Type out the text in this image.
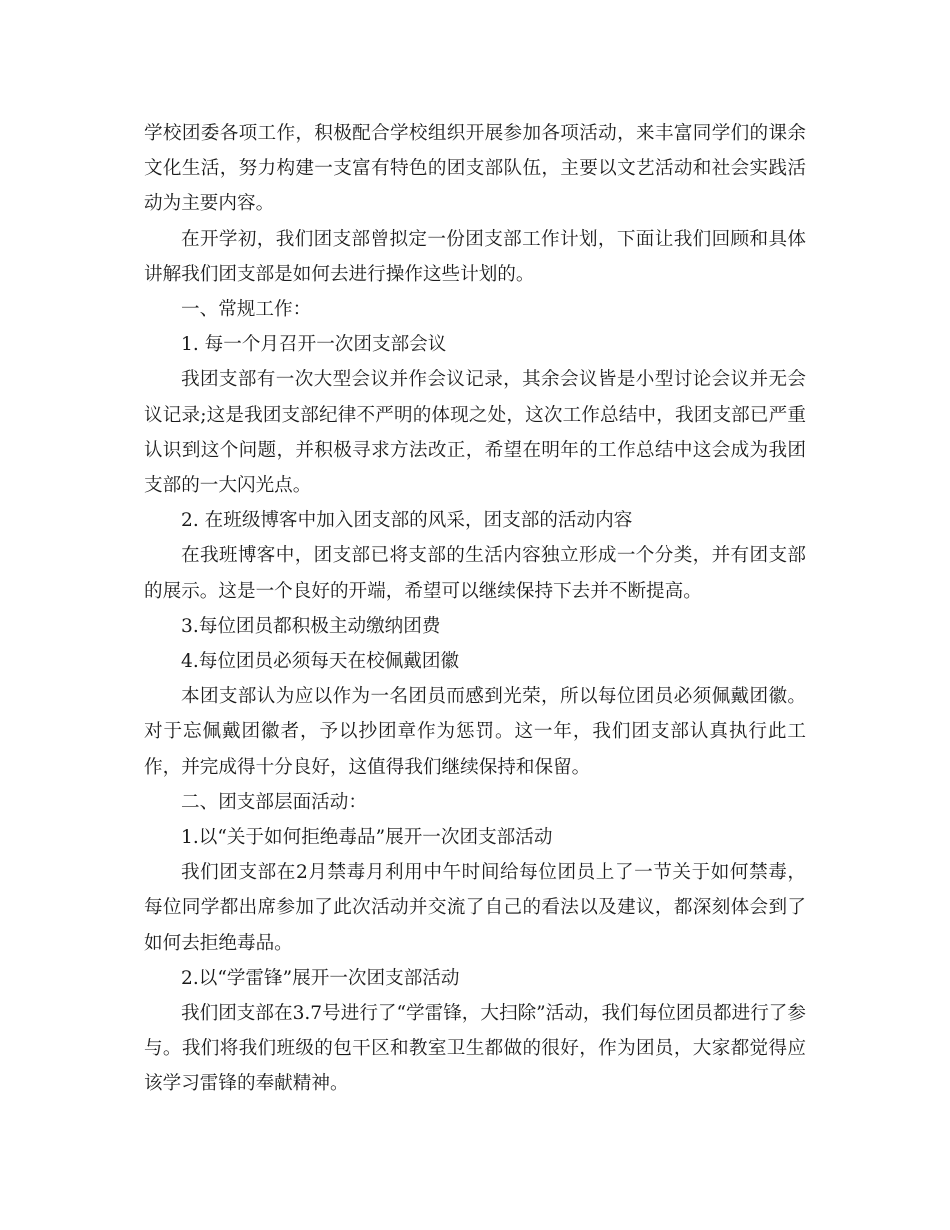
学校团委各项工作，积极配合学校组织开展参加各项活动，来丰富同学们的课余文化生活，努力构建一支富有特色的团支部队伍，主要以文艺活动和社会实践活动为主要内容。

在开学初，我们团支部曾拟定一份团支部工作计划，下面让我们回顾和具体讲解我们团支部是如何去进行操作这些计划的。

一、常规工作：

1. 每一个月召开一次团支部会议

我团支部有一次大型会议并作会议记录，其余会议皆是小型讨论会议并无会议记录;这是我团支部纪律不严明的体现之处，这次工作总结中，我团支部已严重认识到这个问题，并积极寻求方法改正，希望在明年的工作总结中这会成为我团支部的一大闪光点。

2. 在班级博客中加入团支部的风采，团支部的活动内容

在我班博客中，团支部已将支部的生活内容独立形成一个分类，并有团支部的展示。这是一个良好的开端，希望可以继续保持下去并不断提高。

3.每位团员都积极主动缴纳团费

4.每位团员必须每天在校佩戴团徽

本团支部认为应以作为一名团员而感到光荣，所以每位团员必须佩戴团徽。对于忘佩戴团徽者，予以抄团章作为惩罚。这一年，我们团支部认真执行此工作，并完成得十分良好，这值得我们继续保持和保留。

二、团支部层面活动：

1.以“关于如何拒绝毒品”展开一次团支部活动

我们团支部在2月禁毒月利用中午时间给每位团员上了一节关于如何禁毒，每位同学都出席参加了此次活动并交流了自己的看法以及建议，都深刻体会到了如何去拒绝毒品。

2.以“学雷锋”展开一次团支部活动

我们团支部在3.7号进行了“学雷锋，大扫除”活动，我们每位团员都进行了参与。我们将我们班级的包干区和教室卫生都做的很好，作为团员，大家都觉得应该学习雷锋的奉献精神。
